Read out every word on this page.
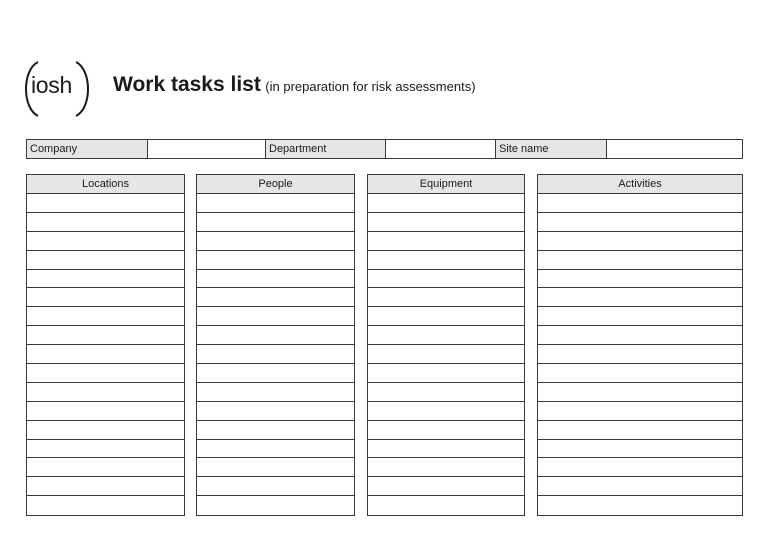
iosh Work tasks list (in preparation for risk assessments)
Company	Department	Site name
Locations	People	Equipment	Activities
